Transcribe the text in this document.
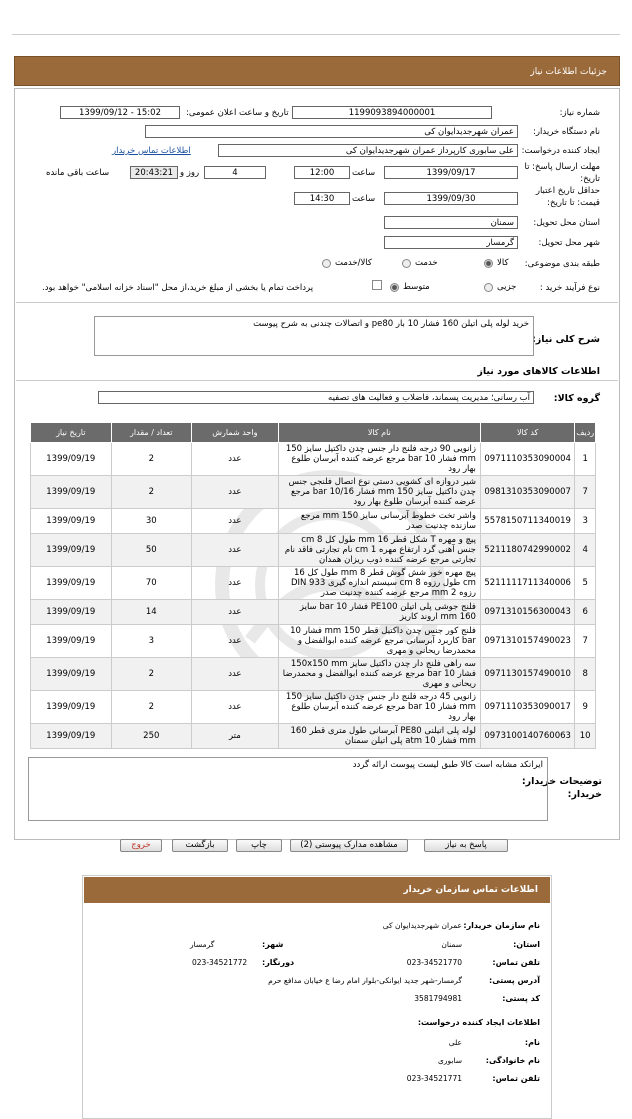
جزئیات اطلاعات نیاز
شماره نیاز:
1199093894000001
تاریخ و ساعت اعلان عمومی:
1399/09/12 - 15:02
نام دستگاه خریدار:
عمران شهرجدیدایوان کی
ایجاد کننده درخواست:
علی سابوری کارپرداز عمران شهرجدیدایوان کی
اطلاعات تماس خریدار
مهلت ارسال پاسخ: تا
تاریخ:
1399/09/17
ساعت
12:00
4
روز و
20:43:21
ساعت باقی مانده
حداقل تاریخ اعتبار
قیمت: تا تاریخ:
1399/09/30
ساعت
14:30
استان محل تحویل:
سمنان
شهر محل تحویل:
گرمسار
طبقه بندی موضوعی:
کالا
خدمت
کالا/خدمت
نوع فرآیند خرید :
جزیی
متوسط
پرداخت تمام یا بخشی از مبلغ خرید،از محل "اسناد خزانه اسلامی" خواهد بود.
شرح کلی نیاز:
خرید لوله پلی اتیلن 160 فشار 10 بار pe80 و اتصالات چندنی به شرح پیوست
اطلاعات کالاهای مورد نیاز
گروه کالا:
آب رسانی؛ مدیریت پسماند، فاضلاب و فعالیت های تصفیه
ردیف	کد کالا	نام کالا	واحد شمارش	تعداد / مقدار	تاریخ نیاز
1	0971110353090004	زانویی 90 درجه فلنج دار جنس چدن داکتیل سایز 150 mm فشار 10 bar مرجع عرضه کننده آبرسان طلوع بهار رود	عدد	2	1399/09/19
7	0981310353090007	شیر دروازه ای کشویی دستی نوع اتصال فلنجی جنس چدن داکتیل سایز 150 mm فشار 10/16 bar مرجع عرضه کننده آبرسان طلوع بهار رود	عدد	2	1399/09/19
3	5578150711340019	واشر تخت خطوط آبرسانی سایز 150 mm مرجع سازنده چدنیت صدر	عدد	30	1399/09/19
4	5211180742990002	پیچ و مهره T شکل قطر 16 mm طول کل 8 cm جنس آهنی گرد ارتفاع مهره 1 cm نام تجارتی فاقد نام تجارتی مرجع عرضه کننده ذوب ریزان همدان	عدد	50	1399/09/19
5	5211111711340006	پیچ مهره خور شش گوش قطر 8 mm طول کل 16 cm طول رزوه 8 cm سیستم اندازه گیری DIN 933 رزوه 2 mm مرجع عرضه کننده چدنیت صدر	عدد	70	1399/09/19
6	0971310156300043	فلنج جوشی پلی اتیلن PE100 فشار 10 bar سایز 160 mm اروند کاریز	عدد	14	1399/09/19
7	0971310157490023	فلنج کور جنس چدن داکتیل قطر 150 mm فشار 10 bar کاربرد آبرسانی مرجع عرضه کننده ابوالفضل و محمدرضا ریحانی و مهری	عدد	3	1399/09/19
8	0971130157490010	سه راهی فلنج دار چدن داکتیل سایز 150x150 mm فشار 10 bar مرجع عرضه کننده ابوالفضل و محمدرضا ریحانی و مهری	عدد	2	1399/09/19
9	0971110353090017	زانویی 45 درجه فلنج دار جنس چدن داکتیل سایز 150 mm فشار 10 bar مرجع عرضه کننده آبرسان طلوع بهار رود	عدد	2	1399/09/19
10	0973100140760063	لوله پلی اتیلنی PE80 آبرسانی طول متری قطر 160 mm فشار 10 atm پلی اتیلن سمنان	متر	250	1399/09/19
توضیحات خریدار:
خریدار:
ایرانکد مشابه است کالا طبق لیست پیوست ارائه گردد
پاسخ به نیاز
مشاهده مدارک پیوستی (2)
چاپ
بازگشت
خروج
اطلاعات تماس سازمان خریدار
نام سازمان خریدار:
عمران شهرجدیدایوان کی
استان:
سمنان
شهر:
گرمسار
تلفن تماس:
023-34521770
دورنگار:
023-34521772
آدرس پستی:
گرمسار-شهر جدید ایوانکی-بلوار امام رضا ع خیابان مدافع حرم
کد پستی:
3581794981
اطلاعات ایجاد کننده درخواست:
نام:
علی
نام خانوادگی:
سابوری
تلفن تماس:
023-34521771
